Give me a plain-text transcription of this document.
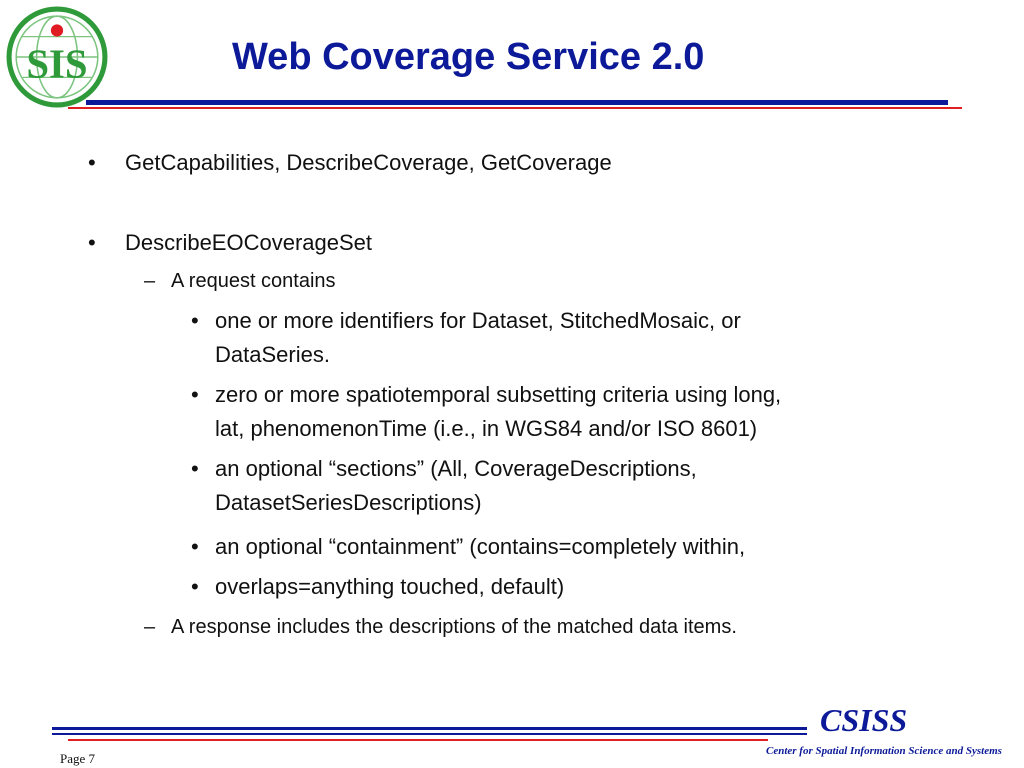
SIS	Web Coverage Service 2.0
• GetCapabilities, DescribeCoverage, GetCoverage
• DescribeEOCoverageSet
– A request contains
• one or more identifiers for Dataset, StitchedMosaic, or
DataSeries.
• zero or more spatiotemporal subsetting criteria using long,
lat, phenomenonTime (i.e., in WGS84 and/or ISO 8601)
• an optional “sections” (All, CoverageDescriptions,
DatasetSeriesDescriptions)
• an optional “containment” (contains=completely within,
• overlaps=anything touched, default)
– A response includes the descriptions of the matched data items.
CSISS
Center for Spatial Information Science and Systems
Page 7
